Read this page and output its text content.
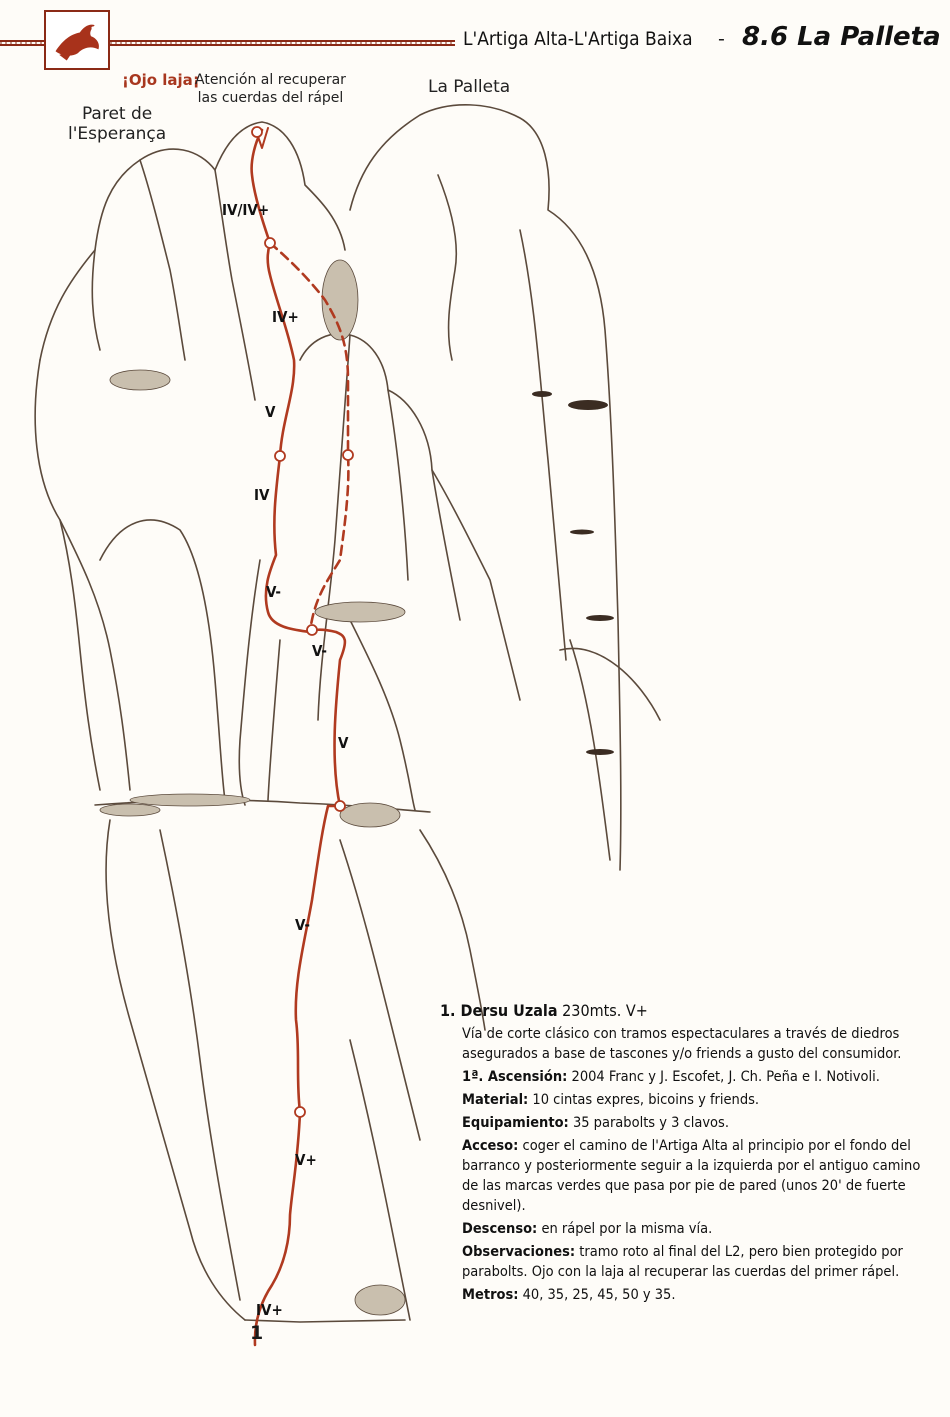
L'Artiga Alta-L'Artiga Baixa - 8.6 La Palleta
IV/IV+
IV+
V
IV
V-
V-
V
V-
V+
IV+
Paret de
l'Esperança
La Palleta
¡Ojo laja¡
Atención al recuperar
las cuerdas del rápel
1
1. Dersu Uzala 230mts. V+
Vía de corte clásico con tramos espectaculares a través de diedros asegurados a base de tascones y/o friends a gusto del consumidor.
1ª. Ascensión: 2004 Franc y J. Escofet, J. Ch. Peña e I. Notivoli.
Material: 10 cintas expres, bicoins y friends.
Equipamiento: 35 parabolts y 3 clavos.
Acceso: coger el camino de l'Artiga Alta al principio por el fondo del barranco y posteriormente seguir a la izquierda por el antiguo camino de las marcas verdes que pasa por pie de pared (unos 20' de fuerte desnivel).
Descenso: en rápel por la misma vía.
Observaciones: tramo roto al final del L2, pero bien protegido por parabolts. Ojo con la laja al recuperar las cuerdas del primer rápel.
Metros: 40, 35, 25, 45, 50 y 35.
